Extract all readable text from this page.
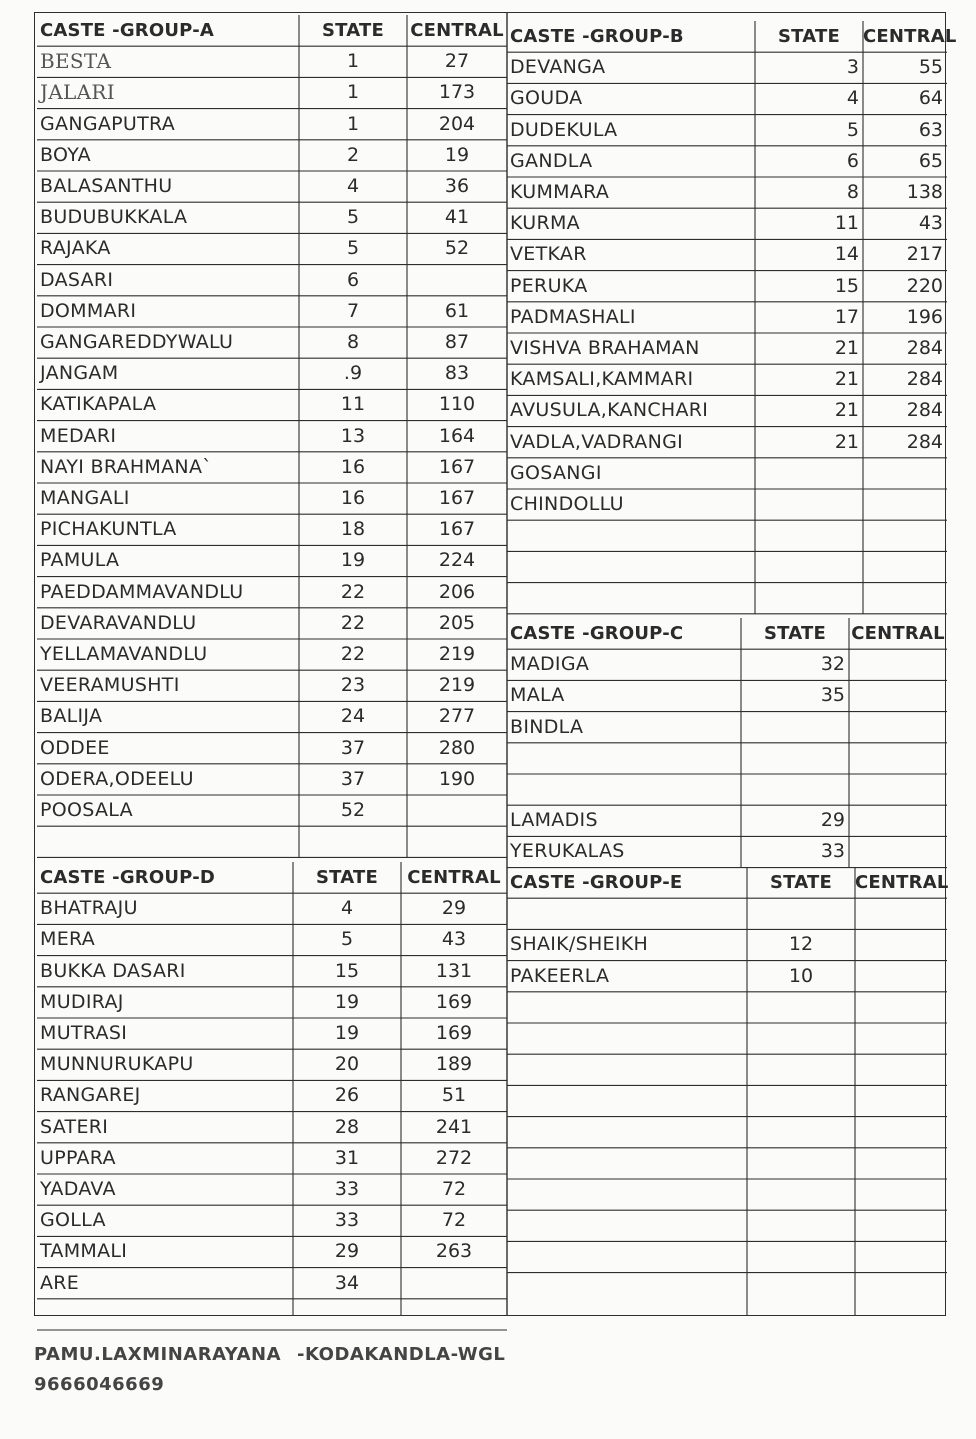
CASTE -GROUP-A	STATE	CENTRAL
BESTA	1	27
JALARI	1	173
GANGAPUTRA	1	204
BOYA	2	19
BALASANTHU	4	36
BUDUBUKKALA	5	41
RAJAKA	5	52
DASARI	6
DOMMARI	7	61
GANGAREDDYWALU	8	87
JANGAM	.9	83
KATIKAPALA	11	110
MEDARI	13	164
NAYI BRAHMANA`	16	167
MANGALI	16	167
PICHAKUNTLA	18	167
PAMULA	19	224
PAEDDAMMAVANDLU	22	206
DEVARAVANDLU	22	205
YELLAMAVANDLU	22	219
VEERAMUSHTI	23	219
BALIJA	24	277
ODDEE	37	280
ODERA,ODEELU	37	190
POOSALA	52
CASTE -GROUP-D	STATE	CENTRAL
BHATRAJU	4	29
MERA	5	43
BUKKA DASARI	15	131
MUDIRAJ	19	169
MUTRASI	19	169
MUNNURUKAPU	20	189
RANGAREJ	26	51
SATERI	28	241
UPPARA	31	272
YADAVA	33	72
GOLLA	33	72
TAMMALI	29	263
ARE	34
CASTE -GROUP-B	STATE	CENTRAL
DEVANGA	3	55
GOUDA	4	64
DUDEKULA	5	63
GANDLA	6	65
KUMMARA	8	138
KURMA	11	43
VETKAR	14	217
PERUKA	15	220
PADMASHALI	17	196
VISHVA BRAHAMAN	21	284
KAMSALI,KAMMARI	21	284
AVUSULA,KANCHARI	21	284
VADLA,VADRANGI	21	284
GOSANGI
CHINDOLLU
CASTE -GROUP-C	STATE	CENTRAL
MADIGA	32
MALA	35
BINDLA
LAMADIS	29
YERUKALAS	33
CASTE -GROUP-E	STATE	CENTRAL
SHAIK/SHEIKH	12
PAKEERLA	10
PAMU.LAXMINARAYANA -KODAKANDLA-WGL
9666046669
